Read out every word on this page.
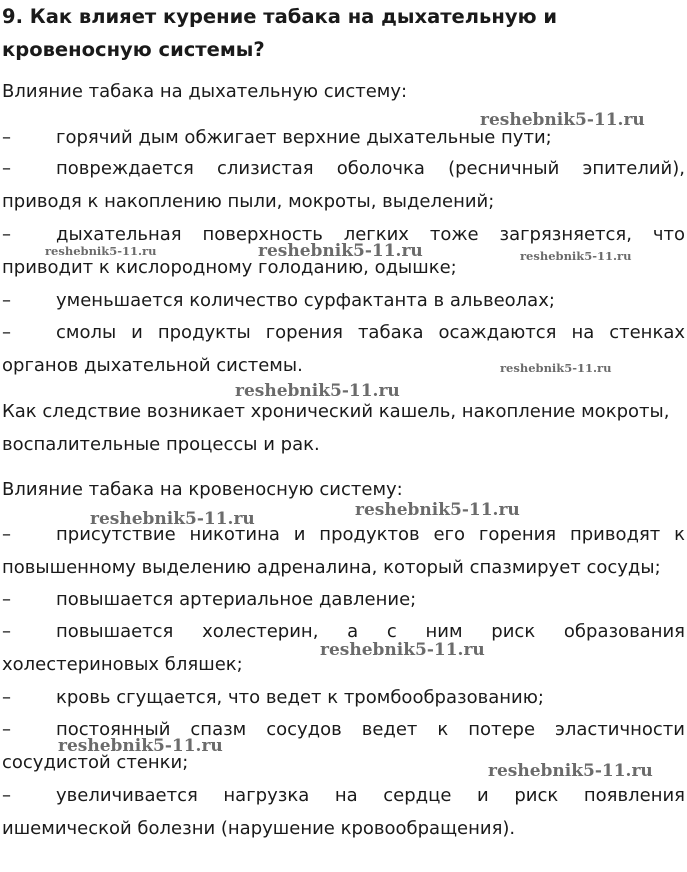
9. Как влияет курение табака на дыхательную и кровеносную системы?

Влияние табака на дыхательную систему:

–	горячий дым обжигает верхние дыхательные пути;
–	повреждается слизистая оболочка (ресничный эпителий), приводя к накоплению пыли, мокроты, выделений;
–	дыхательная поверхность легких тоже загрязняется, что приводит к кислородному голоданию, одышке;
–	уменьшается количество сурфактанта в альвеолах;
–	смолы и продукты горения табака осаждаются на стенках органов дыхательной системы.

Как следствие возникает хронический кашель, накопление мокроты, воспалительные процессы и рак.

Влияние табака на кровеносную систему:

–	присутствие никотина и продуктов его горения приводят к повышенному выделению адреналина, который спазмирует сосуды;
–	повышается артериальное давление;
–	повышается холестерин, а с ним риск образования холестериновых бляшек;
–	кровь сгущается, что ведет к тромбообразованию;
–	постоянный спазм сосудов ведет к потере эластичности сосудистой стенки;
–	увеличивается нагрузка на сердце и риск появления ишемической болезни (нарушение кровообращения).
reshebnik5-11.ru
reshebnik5-11.ru	reshebnik5-11.ru	reshebnik5-11.ru
reshebnik5-11.ru
reshebnik5-11.ru
reshebnik5-11.ru
reshebnik5-11.ru
reshebnik5-11.ru
reshebnik5-11.ru
reshebnik5-11.ru
